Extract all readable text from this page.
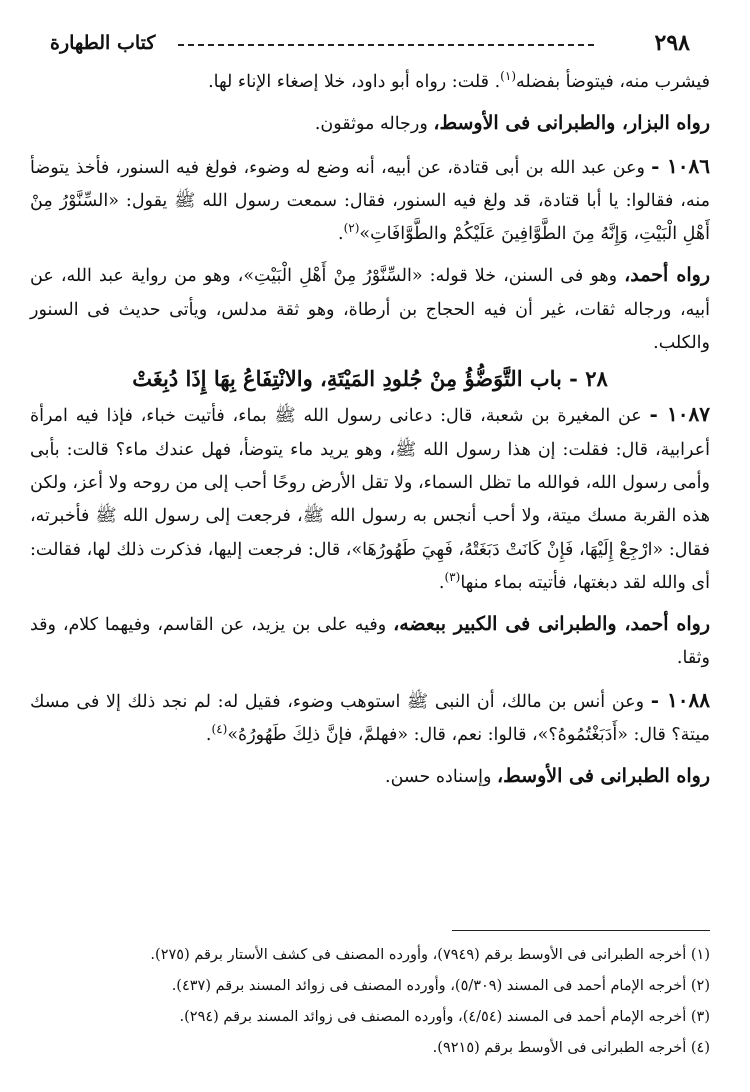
٢٩٨
كتاب الطهارة

فيشرب منه، فيتوضأ بفضله$^{(١)}$. قلت: رواه أبو داود، خلا إصغاء الإناء لها.

رواه البزار، والطبرانى فى الأوسط، ورجاله موثقون.

١٠٨٦ - وعن عبد الله بن أبى قتادة، عن أبيه، أنه وضع له وضوء، فولغ فيه السنور، فأخذ يتوضأ منه، فقالوا: يا أبا قتادة، قد ولغ فيه السنور، فقال: سمعت رسول الله ﷺ يقول: «السِّنَّوْرُ مِنْ أَهْلِ الْبَيْتِ، وَإِنَّهُ مِنَ الطَّوَّافِينَ عَلَيْكُمْ والطَّوَّافَاتِ»$^{(٢)}$.

رواه أحمد، وهو فى السنن، خلا قوله: «السِّنَّوْرُ مِنْ أَهْلِ الْبَيْتِ»، وهو من رواية عبد الله، عن أبيه، ورجاله ثقات، غير أن فيه الحجاج بن أرطاة، وهو ثقة مدلس، ويأتى حديث فى السنور والكلب.

٢٨ - باب التَّوَضُّؤُ مِنْ جُلودِ المَيْتَةِ، والانْتِفَاعُ بِهَا إِذَا دُبِغَتْ

١٠٨٧ - عن المغيرة بن شعبة، قال: دعانى رسول الله ﷺ بماء، فأتيت خباء، فإذا فيه امرأة أعرابية، قال: فقلت: إن هذا رسول الله ﷺ، وهو يريد ماء يتوضأ، فهل عندك ماء؟ قالت: بأبى وأمى رسول الله، فوالله ما تظل السماء، ولا تقل الأرض روحًا أحب إلى من روحه ولا أعز، ولكن هذه القربة مسك ميتة، ولا أحب أنجس به رسول الله ﷺ، فرجعت إلى رسول الله ﷺ فأخبرته، فقال: «ارْجِعْ إِلَيْهَا، فَإِنْ كَانَتْ دَبَغَتْهُ، فَهِيَ طَهُورُهَا»، قال: فرجعت إليها، فذكرت ذلك لها، فقالت: أى والله لقد دبغتها، فأتيته بماء منها$^{(٣)}$.

رواه أحمد، والطبرانى فى الكبير ببعضه، وفيه على بن يزيد، عن القاسم، وفيهما كلام، وقد وثقا.

١٠٨٨ - وعن أنس بن مالك، أن النبى ﷺ استوهب وضوء، فقيل له: لم نجد ذلك إلا فى مسك ميتة؟ قال: «أَدَبَغْتُمُوهُ؟»، قالوا: نعم، قال: «فهلمَّ، فإنَّ ذلِكَ طَهُورُهُ»$^{(٤)}$.

رواه الطبرانى فى الأوسط، وإسناده حسن.

(١) أخرجه الطبرانى فى الأوسط برقم (٧٩٤٩)، وأورده المصنف فى كشف الأستار برقم (٢٧٥).

(٢) أخرجه الإمام أحمد فى المسند (٥/٣٠٩)، وأورده المصنف فى زوائد المسند برقم (٤٣٧).

(٣) أخرجه الإمام أحمد فى المسند (٤/٥٤)، وأورده المصنف فى زوائد المسند برقم (٢٩٤).

(٤) أخرجه الطبرانى فى الأوسط برقم (٩٢١٥).
